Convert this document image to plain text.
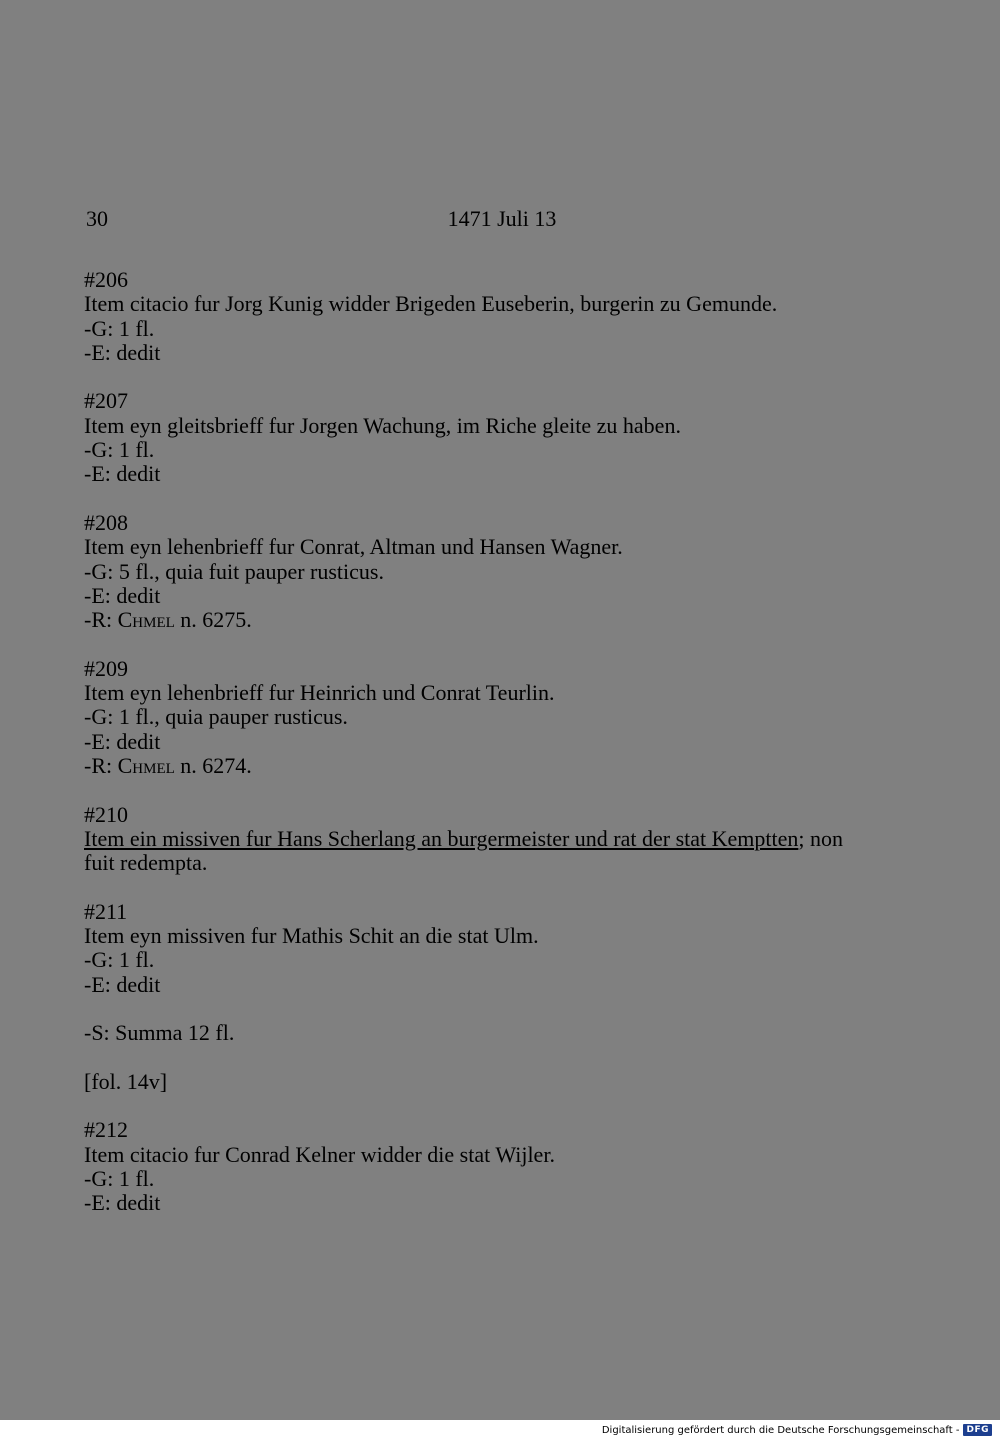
30	1471 Juli 13
#206
Item citacio fur Jorg Kunig widder Brigeden Euseberin, burgerin zu Gemunde.
-G: 1 fl.
-E: dedit
#207
Item eyn gleitsbrieff fur Jorgen Wachung, im Riche gleite zu haben.
-G: 1 fl.
-E: dedit
#208
Item eyn lehenbrieff fur Conrat, Altman und Hansen Wagner.
-G: 5 fl., quia fuit pauper rusticus.
-E: dedit
-R: Chmel n. 6275.
#209
Item eyn lehenbrieff fur Heinrich und Conrat Teurlin.
-G: 1 fl., quia pauper rusticus.
-E: dedit
-R: Chmel n. 6274.
#210
Item ein missiven fur Hans Scherlang an burgermeister und rat der stat Kemptten; non
fuit redempta.
#211
Item eyn missiven fur Mathis Schit an die stat Ulm.
-G: 1 fl.
-E: dedit
-S: Summa 12 fl.
[fol. 14v]
#212
Item citacio fur Conrad Kelner widder die stat Wijler.
-G: 1 fl.
-E: dedit
Digitalisierung gefördert durch die Deutsche Forschungsgemeinschaft - DFG
